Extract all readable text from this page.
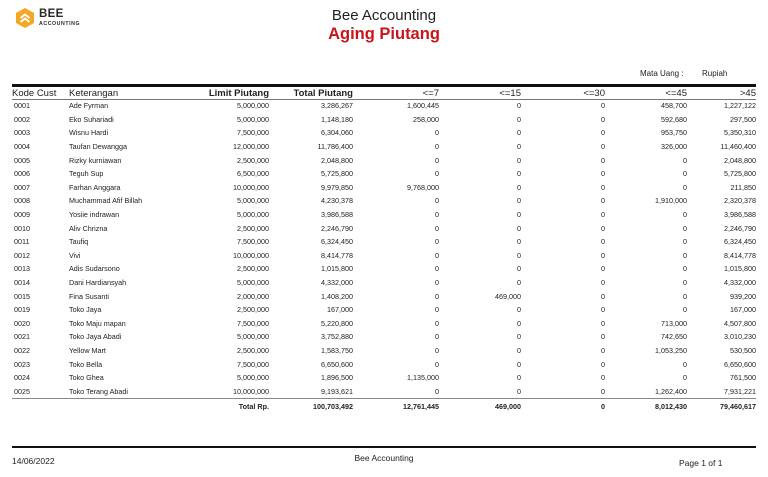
BEE
ACCOUNTING	Bee Accounting
Aging Piutang
Mata Uang : Rupiah
Kode Cust	Keterangan	Limit Piutang	Total Piutang	<=7	<=15	<=30	<=45	>45
0001	Ade Fyrman	5,000,000	3,286,267	1,600,445	0	0	458,700	1,227,122
0002	Eko Suhariadi	5,000,000	1,148,180	258,000	0	0	592,680	297,500
0003	Wisnu Hardi	7,500,000	6,304,060	0	0	0	953,750	5,350,310
0004	Taufan Dewangga	12,000,000	11,786,400	0	0	0	326,000	11,460,400
0005	Rizky kurniawan	2,500,000	2,048,800	0	0	0	0	2,048,800
0006	Teguh Sup	6,500,000	5,725,800	0	0	0	0	5,725,800
0007	Farhan Anggara	10,000,000	9,979,850	9,768,000	0	0	0	211,850
0008	Muchammad Afif Billah	5,000,000	4,230,378	0	0	0	1,910,000	2,320,378
0009	Yosiie indrawan	5,000,000	3,986,588	0	0	0	0	3,986,588
0010	Aliv Chrizna	2,500,000	2,246,790	0	0	0	0	2,246,790
0011	Taufiq	7,500,000	6,324,450	0	0	0	0	6,324,450
0012	Vivi	10,000,000	8,414,778	0	0	0	0	8,414,778
0013	Adis Sudarsono	2,500,000	1,015,800	0	0	0	0	1,015,800
0014	Dani Hardiansyah	5,000,000	4,332,000	0	0	0	0	4,332,000
0015	Fina Susanti	2,000,000	1,408,200	0	469,000	0	0	939,200
0019	Toko Jaya	2,500,000	167,000	0	0	0	0	167,000
0020	Toko Maju mapan	7,500,000	5,220,800	0	0	0	713,000	4,507,800
0021	Toko Jaya Abadi	5,000,000	3,752,880	0	0	0	742,650	3,010,230
0022	Yellow Mart	2,500,000	1,583,750	0	0	0	1,053,250	530,500
0023	Toko Bella	7,500,000	6,650,600	0	0	0	0	6,650,600
0024	Toko Ghea	5,000,000	1,896,500	1,135,000	0	0	0	761,500
0025	Toko Terang Abadi	10,000,000	9,193,621	0	0	0	1,262,400	7,931,221
		Total Rp.	100,703,492	12,761,445	469,000	0	8,012,430	79,460,617
14/06/2022	Bee Accounting	Page 1 of 1
